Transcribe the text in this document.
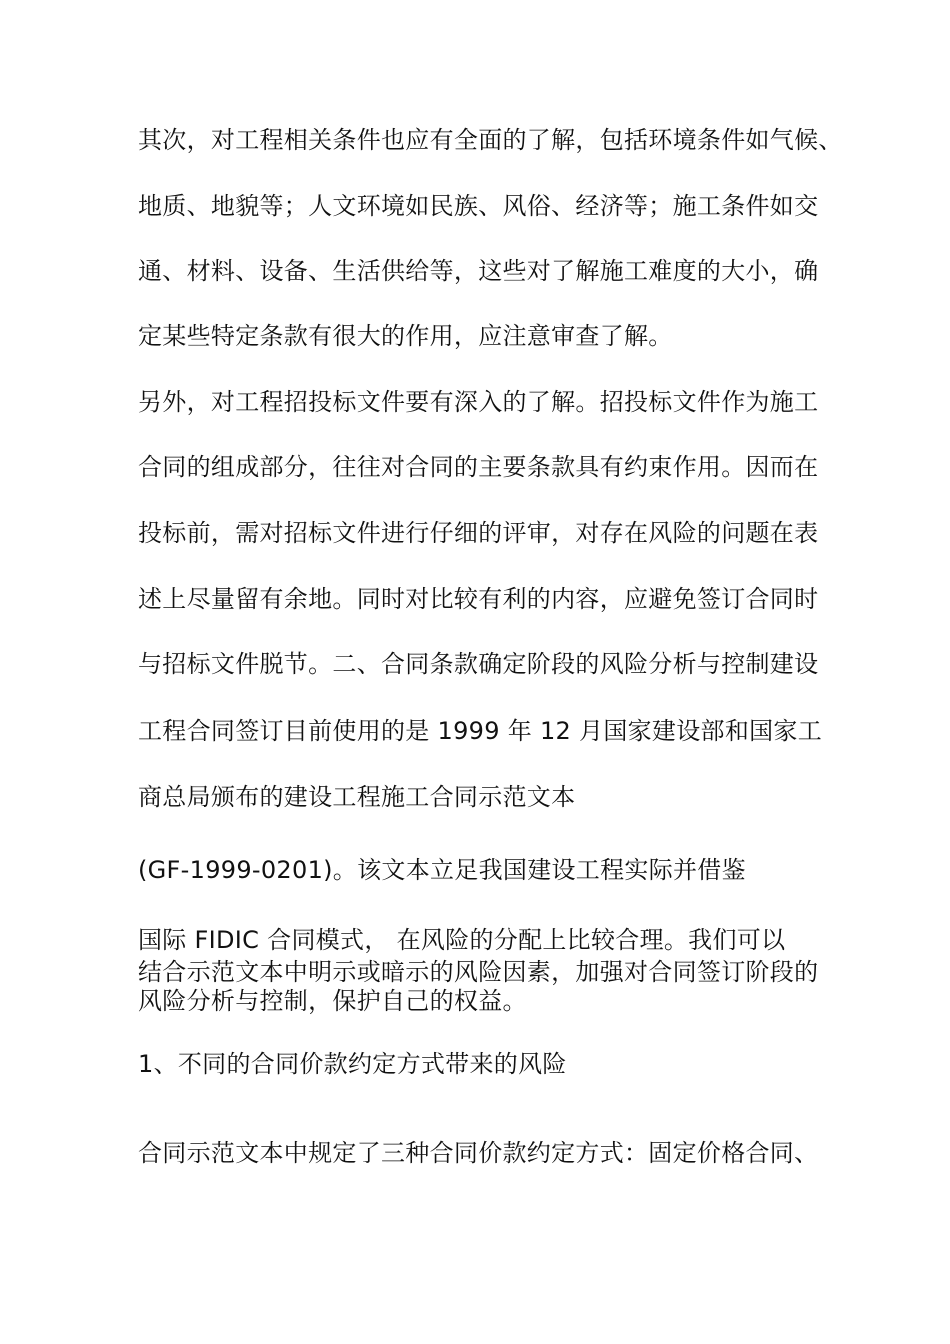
其次，对工程相关条件也应有全面的了解，包括环境条件如气候、
地质、地貌等；人文环境如民族、风俗、经济等；施工条件如交
通、材料、设备、生活供给等，这些对了解施工难度的大小，确
定某些特定条款有很大的作用，应注意审查了解。
另外，对工程招投标文件要有深入的了解。招投标文件作为施工
合同的组成部分，往往对合同的主要条款具有约束作用。因而在
投标前，需对招标文件进行仔细的评审，对存在风险的问题在表
述上尽量留有余地。同时对比较有利的内容，应避免签订合同时
与招标文件脱节。二、合同条款确定阶段的风险分析与控制建设
工程合同签订目前使用的是 1999 年 12 月国家建设部和国家工
商总局颁布的建设工程施工合同示范文本
(GF-1999-0201)。该文本立足我国建设工程实际并借鉴
国际 FIDIC 合同模式， 在风险的分配上比较合理。我们可以
结合示范文本中明示或暗示的风险因素，加强对合同签订阶段的
风险分析与控制，保护自己的权益。
1、不同的合同价款约定方式带来的风险
合同示范文本中规定了三种合同价款约定方式：固定价格合同、
